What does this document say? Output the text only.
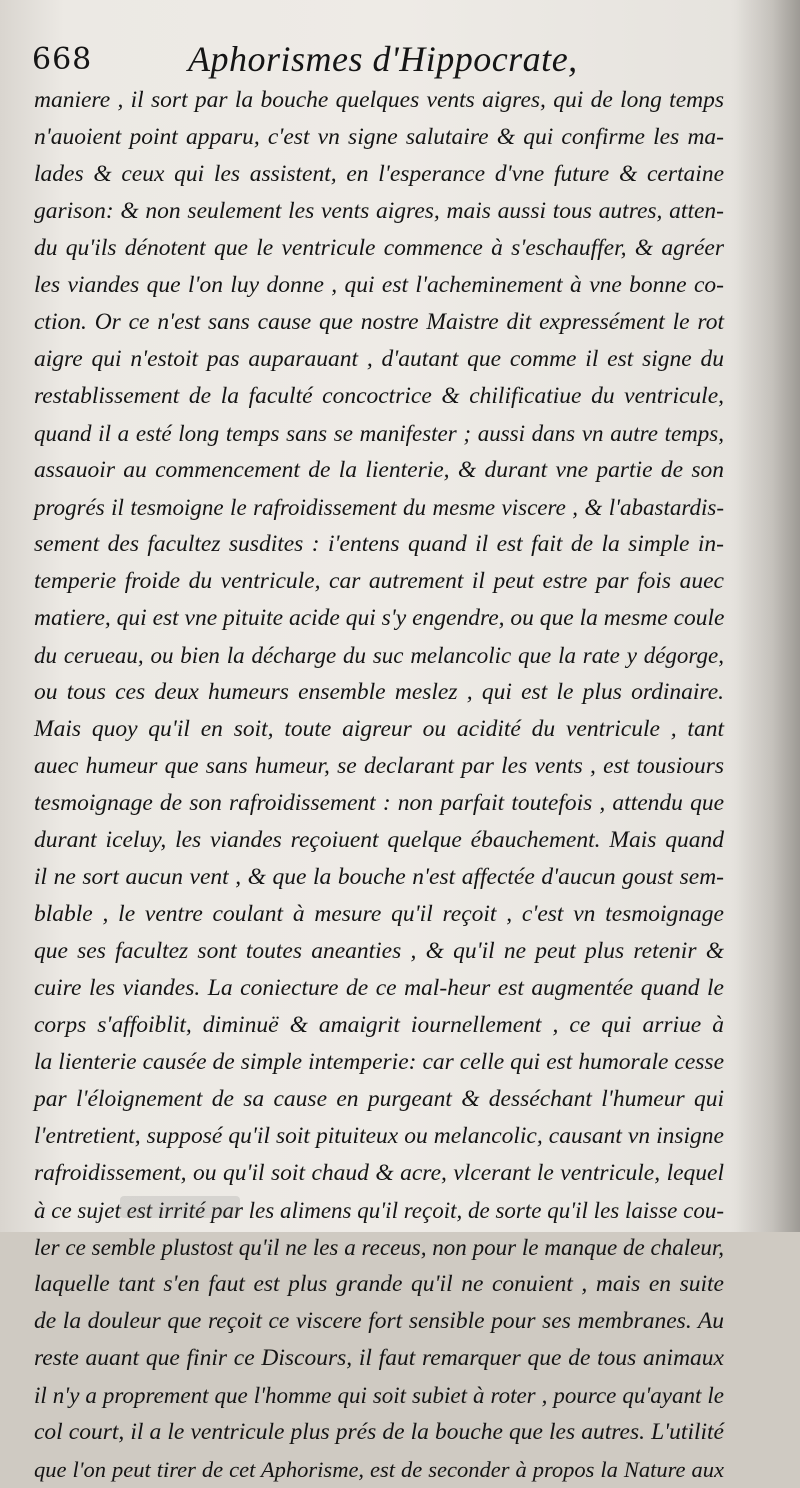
668	Aphorismes d'Hippocrate,
maniere , il sort par la bouche quelques vents aigres, qui de long temps
n'auoient point apparu, c'est vn signe salutaire & qui confirme les ma-
lades & ceux qui les assistent, en l'esperance d'vne future & certaine
garison: & non seulement les vents aigres, mais aussi tous autres, atten-
du qu'ils dénotent que le ventricule commence à s'eschauffer, & agréer
les viandes que l'on luy donne , qui est l'acheminement à vne bonne co-
ction. Or ce n'est sans cause que nostre Maistre dit expressément le rot
aigre qui n'estoit pas auparauant , d'autant que comme il est signe du
restablissement de la faculté concoctrice & chilificatiue du ventricule,
quand il a esté long temps sans se manifester ; aussi dans vn autre temps,
assauoir au commencement de la lienterie, & durant vne partie de son
progrés il tesmoigne le rafroidissement du mesme viscere , & l'abastardis-
sement des facultez susdites : i'entens quand il est fait de la simple in-
temperie froide du ventricule, car autrement il peut estre par fois auec
matiere, qui est vne pituite acide qui s'y engendre, ou que la mesme coule
du cerueau, ou bien la décharge du suc melancolic que la rate y dégorge,
ou tous ces deux humeurs ensemble meslez , qui est le plus ordinaire.
Mais quoy qu'il en soit, toute aigreur ou acidité du ventricule , tant
auec humeur que sans humeur, se declarant par les vents , est tousiours
tesmoignage de son rafroidissement : non parfait toutefois , attendu que
durant iceluy, les viandes reçoiuent quelque ébauchement. Mais quand
il ne sort aucun vent , & que la bouche n'est affectée d'aucun goust sem-
blable , le ventre coulant à mesure qu'il reçoit , c'est vn tesmoignage
que ses facultez sont toutes aneanties , & qu'il ne peut plus retenir &
cuire les viandes. La coniecture de ce mal-heur est augmentée quand le
corps s'affoiblit, diminuë & amaigrit iournellement , ce qui arriue à
la lienterie causée de simple intemperie: car celle qui est humorale cesse
par l'éloignement de sa cause en purgeant & desséchant l'humeur qui
l'entretient, supposé qu'il soit pituiteux ou melancolic, causant vn insigne
rafroidissement, ou qu'il soit chaud & acre, vlcerant le ventricule, lequel
à ce sujet est irrité par les alimens qu'il reçoit, de sorte qu'il les laisse cou-
ler ce semble plustost qu'il ne les a receus, non pour le manque de chaleur,
laquelle tant s'en faut est plus grande qu'il ne conuient , mais en suite
de la douleur que reçoit ce viscere fort sensible pour ses membranes. Au
reste auant que finir ce Discours, il faut remarquer que de tous animaux
il n'y a proprement que l'homme qui soit subiet à roter , pource qu'ayant le
col court, il a le ventricule plus prés de la bouche que les autres. L'utilité
que l'on peut tirer de cet Aphorisme, est de seconder à propos la Nature aux
